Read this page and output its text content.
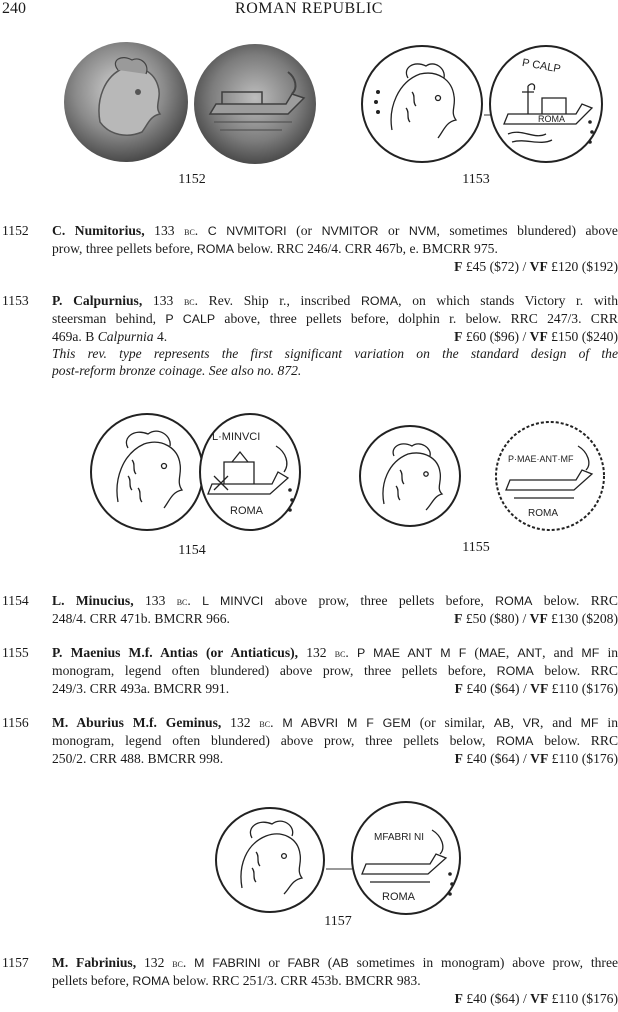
240	ROMAN REPUBLIC
1152
P CALP
ROMA
1153
1152 C. Numitorius, 133 bc. C NVMITORI (or NVMITOR or NVM, sometimes blundered) above
prow, three pellets before, ROMA below. RRC 246/4. CRR 467b, e. BMCRR 975.
F £45 ($72) / VF £120 ($192)
1153 P. Calpurnius, 133 bc. Rev. Ship r., inscribed ROMA, on which stands Victory r. with
steersman behind, P CALP above, three pellets before, dolphin r. below. RRC 247/3. CRR
469a. B Calpurnia 4.	F £60 ($96) / VF £150 ($240)
This rev. type represents the first significant variation on the standard design of the
post-reform bronze coinage. See also no. 872.
L·MINVCI
ROMA
1154
P·MAE·ANT·MF
ROMA
1155
1154 L. Minucius, 133 bc. L MINVCI above prow, three pellets before, ROMA below. RRC
248/4. CRR 471b. BMCRR 966.	F £50 ($80) / VF £130 ($208)
1155 P. Maenius M.f. Antias (or Antiaticus), 132 bc. P MAE ANT M F (MAE, ANT, and MF in
monogram, legend often blundered) above prow, three pellets before, ROMA below. RRC
249/3. CRR 493a. BMCRR 991.	F £40 ($64) / VF £110 ($176)
1156 M. Aburius M.f. Geminus, 132 bc. M ABVRI M F GEM (or similar, AB, VR, and MF in
monogram, legend often blundered) above prow, three pellets below, ROMA below. RRC
250/2. CRR 488. BMCRR 998.	F £40 ($64) / VF £110 ($176)
MFABRI NI
ROMA
1157
1157 M. Fabrinius, 132 bc. M FABRINI or FABR (AB sometimes in monogram) above prow, three
pellets before, ROMA below. RRC 251/3. CRR 453b. BMCRR 983.
F £40 ($64) / VF £110 ($176)
